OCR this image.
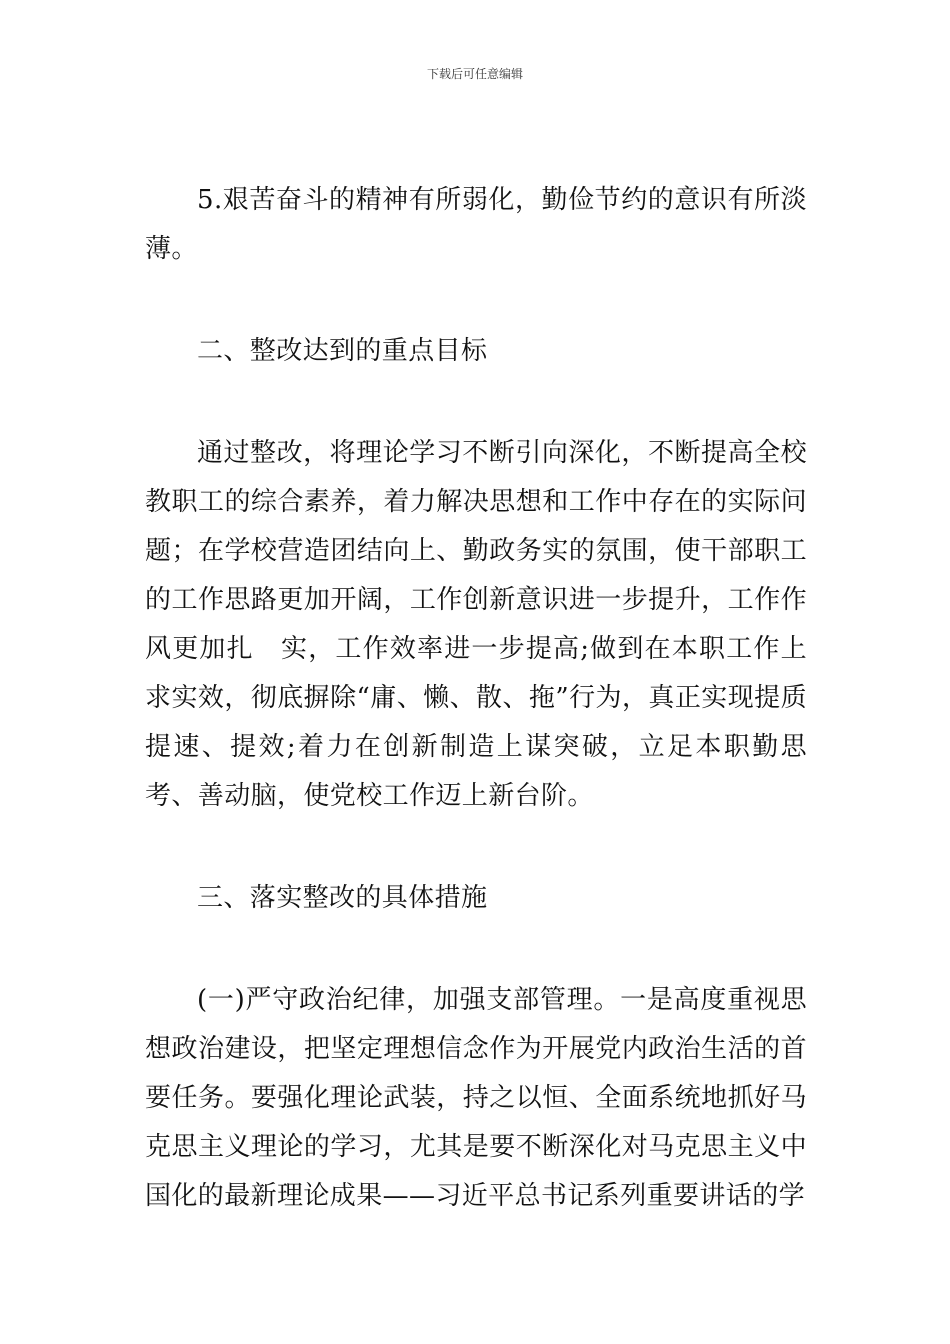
下载后可任意编辑

5.艰苦奋斗的精神有所弱化，勤俭节约的意识有所淡薄。

二、整改达到的重点目标

通过整改，将理论学习不断引向深化，不断提高全校教职工的综合素养，着力解决思想和工作中存在的实际问题；在学校营造团结向上、勤政务实的氛围，使干部职工的工作思路更加开阔，工作创新意识进一步提升，工作作风更加扎　实，工作效率进一步提高;做到在本职工作上求实效，彻底摒除“庸、懒、散、拖”行为，真正实现提质提速、提效;着力在创新制造上谋突破，立足本职勤思考、善动脑，使党校工作迈上新台阶。

三、落实整改的具体措施

(一)严守政治纪律，加强支部管理。一是高度重视思想政治建设，把坚定理想信念作为开展党内政治生活的首要任务。要强化理论武装，持之以恒、全面系统地抓好马克思主义理论的学习，尤其是要不断深化对马克思主义中国化的最新理论成果——习近平总书记系列重要讲话的学
